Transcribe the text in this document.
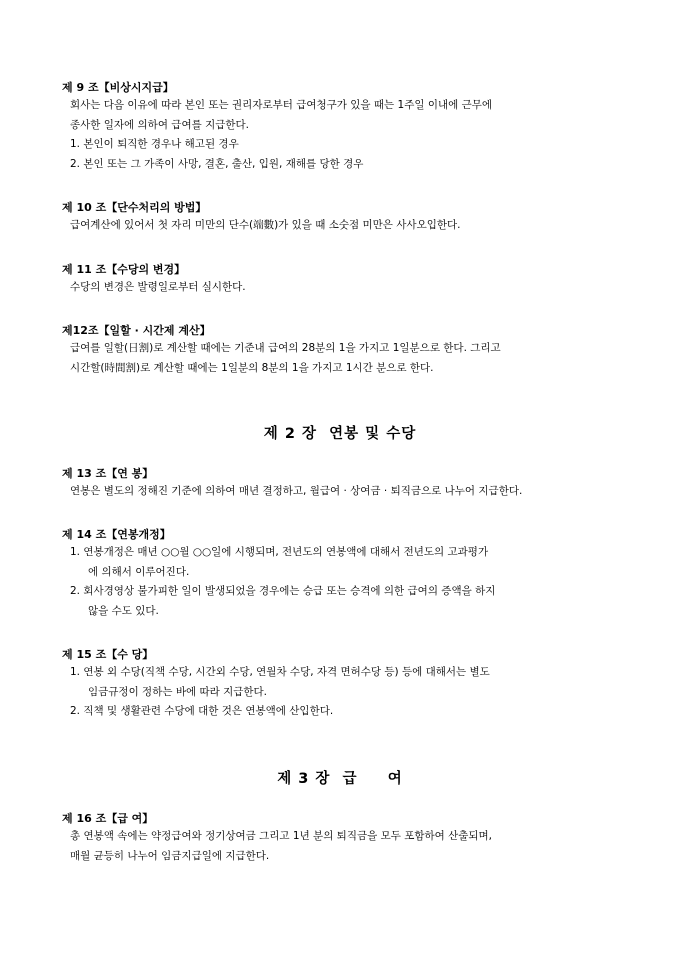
제 9 조【비상시지급】
회사는 다음 이유에 따라 본인 또는 권리자로부터 급여청구가 있을 때는 1주일 이내에 근무에
종사한 일자에 의하여 급여를 지급한다.
1. 본인이 퇴직한 경우나 해고된 경우
2. 본인 또는 그 가족이 사망, 결혼, 출산, 입원, 재해를 당한 경우
제 10 조【단수처리의 방법】
급여계산에 있어서 첫 자리 미만의 단수(端數)가 있을 때 소숫점 미만은 사사오입한다.
제 11 조【수당의 변경】
수당의 변경은 발령일로부터 실시한다.
제12조【일할 · 시간제 계산】
급여를 일할(日割)로 계산할 때에는 기준내 급여의 28분의 1을 가지고 1일분으로 한다. 그리고
시간할(時間割)로 계산할 때에는 1일분의 8분의 1을 가지고 1시간 분으로 한다.
제 2 장  연봉 및 수당
제 13 조【연 봉】
연봉은 별도의 정해진 기준에 의하여 매년 결정하고, 월급여 · 상여금 · 퇴직금으로 나누어 지급한다.
제 14 조【연봉개정】
1. 연봉개정은 매년 ○○월 ○○일에 시행되며, 전년도의 연봉액에 대해서 전년도의 고과평가
에 의해서 이루어진다.
2. 회사경영상 불가피한 일이 발생되었을 경우에는 승급 또는 승격에 의한 급여의 증액을 하지
않을 수도 있다.
제 15 조【수 당】
1. 연봉 외 수당(직책 수당, 시간외 수당, 연월차 수당, 자격 면허수당 등) 등에 대해서는 별도
임금규정이 정하는 바에 따라 지급한다.
2. 직책 및 생활관련 수당에 대한 것은 연봉액에 산입한다.
제 3 장  급     여
제 16 조【급 여】
총 연봉액 속에는 약정급여와 정기상여금 그리고 1년 분의 퇴직금을 모두 포함하여 산출되며,
매월 균등히 나누어 임금지급일에 지급한다.
